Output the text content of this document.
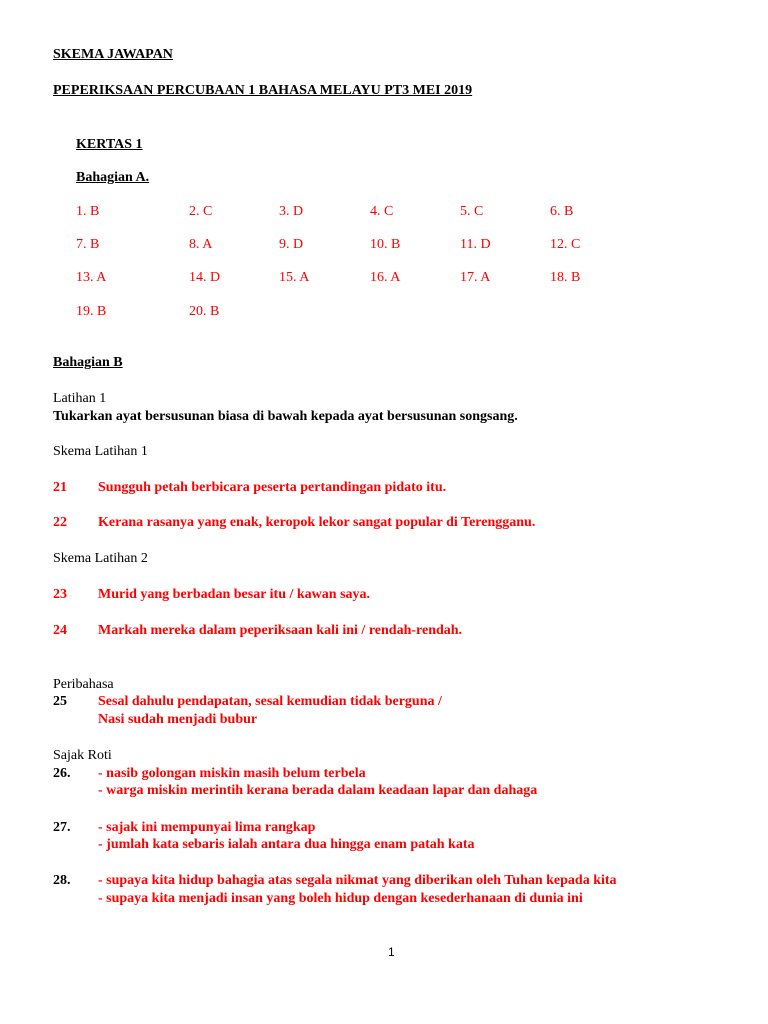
SKEMA JAWAPAN
PEPERIKSAAN PERCUBAAN 1 BAHASA MELAYU PT3 MEI 2019
KERTAS 1
Bahagian A.
1. B	2. C	3. D	4. C	5. C	6. B
7. B	8. A	9. D	10. B	11. D	12. C
13. A	14. D	15. A	16. A	17. A	18. B
19. B	20. B
Bahagian B
Latihan 1
Tukarkan ayat bersusunan biasa di bawah kepada ayat bersusunan songsang.
Skema Latihan 1
21 Sungguh petah berbicara peserta pertandingan pidato itu.
22 Kerana rasanya yang enak, keropok lekor sangat popular di Terengganu.
Skema Latihan 2
23 Murid yang berbadan besar itu / kawan saya.
24 Markah mereka dalam peperiksaan kali ini / rendah-rendah.
Peribahasa
25 Sesal dahulu pendapatan, sesal kemudian tidak berguna /
Nasi sudah menjadi bubur
Sajak Roti
26. - nasib golongan miskin masih belum terbela
- warga miskin merintih kerana berada dalam keadaan lapar dan dahaga
27. - sajak ini mempunyai lima rangkap
- jumlah kata sebaris ialah antara dua hingga enam patah kata
28. - supaya kita hidup bahagia atas segala nikmat yang diberikan oleh Tuhan kepada kita
- supaya kita menjadi insan yang boleh hidup dengan kesederhanaan di dunia ini
1
